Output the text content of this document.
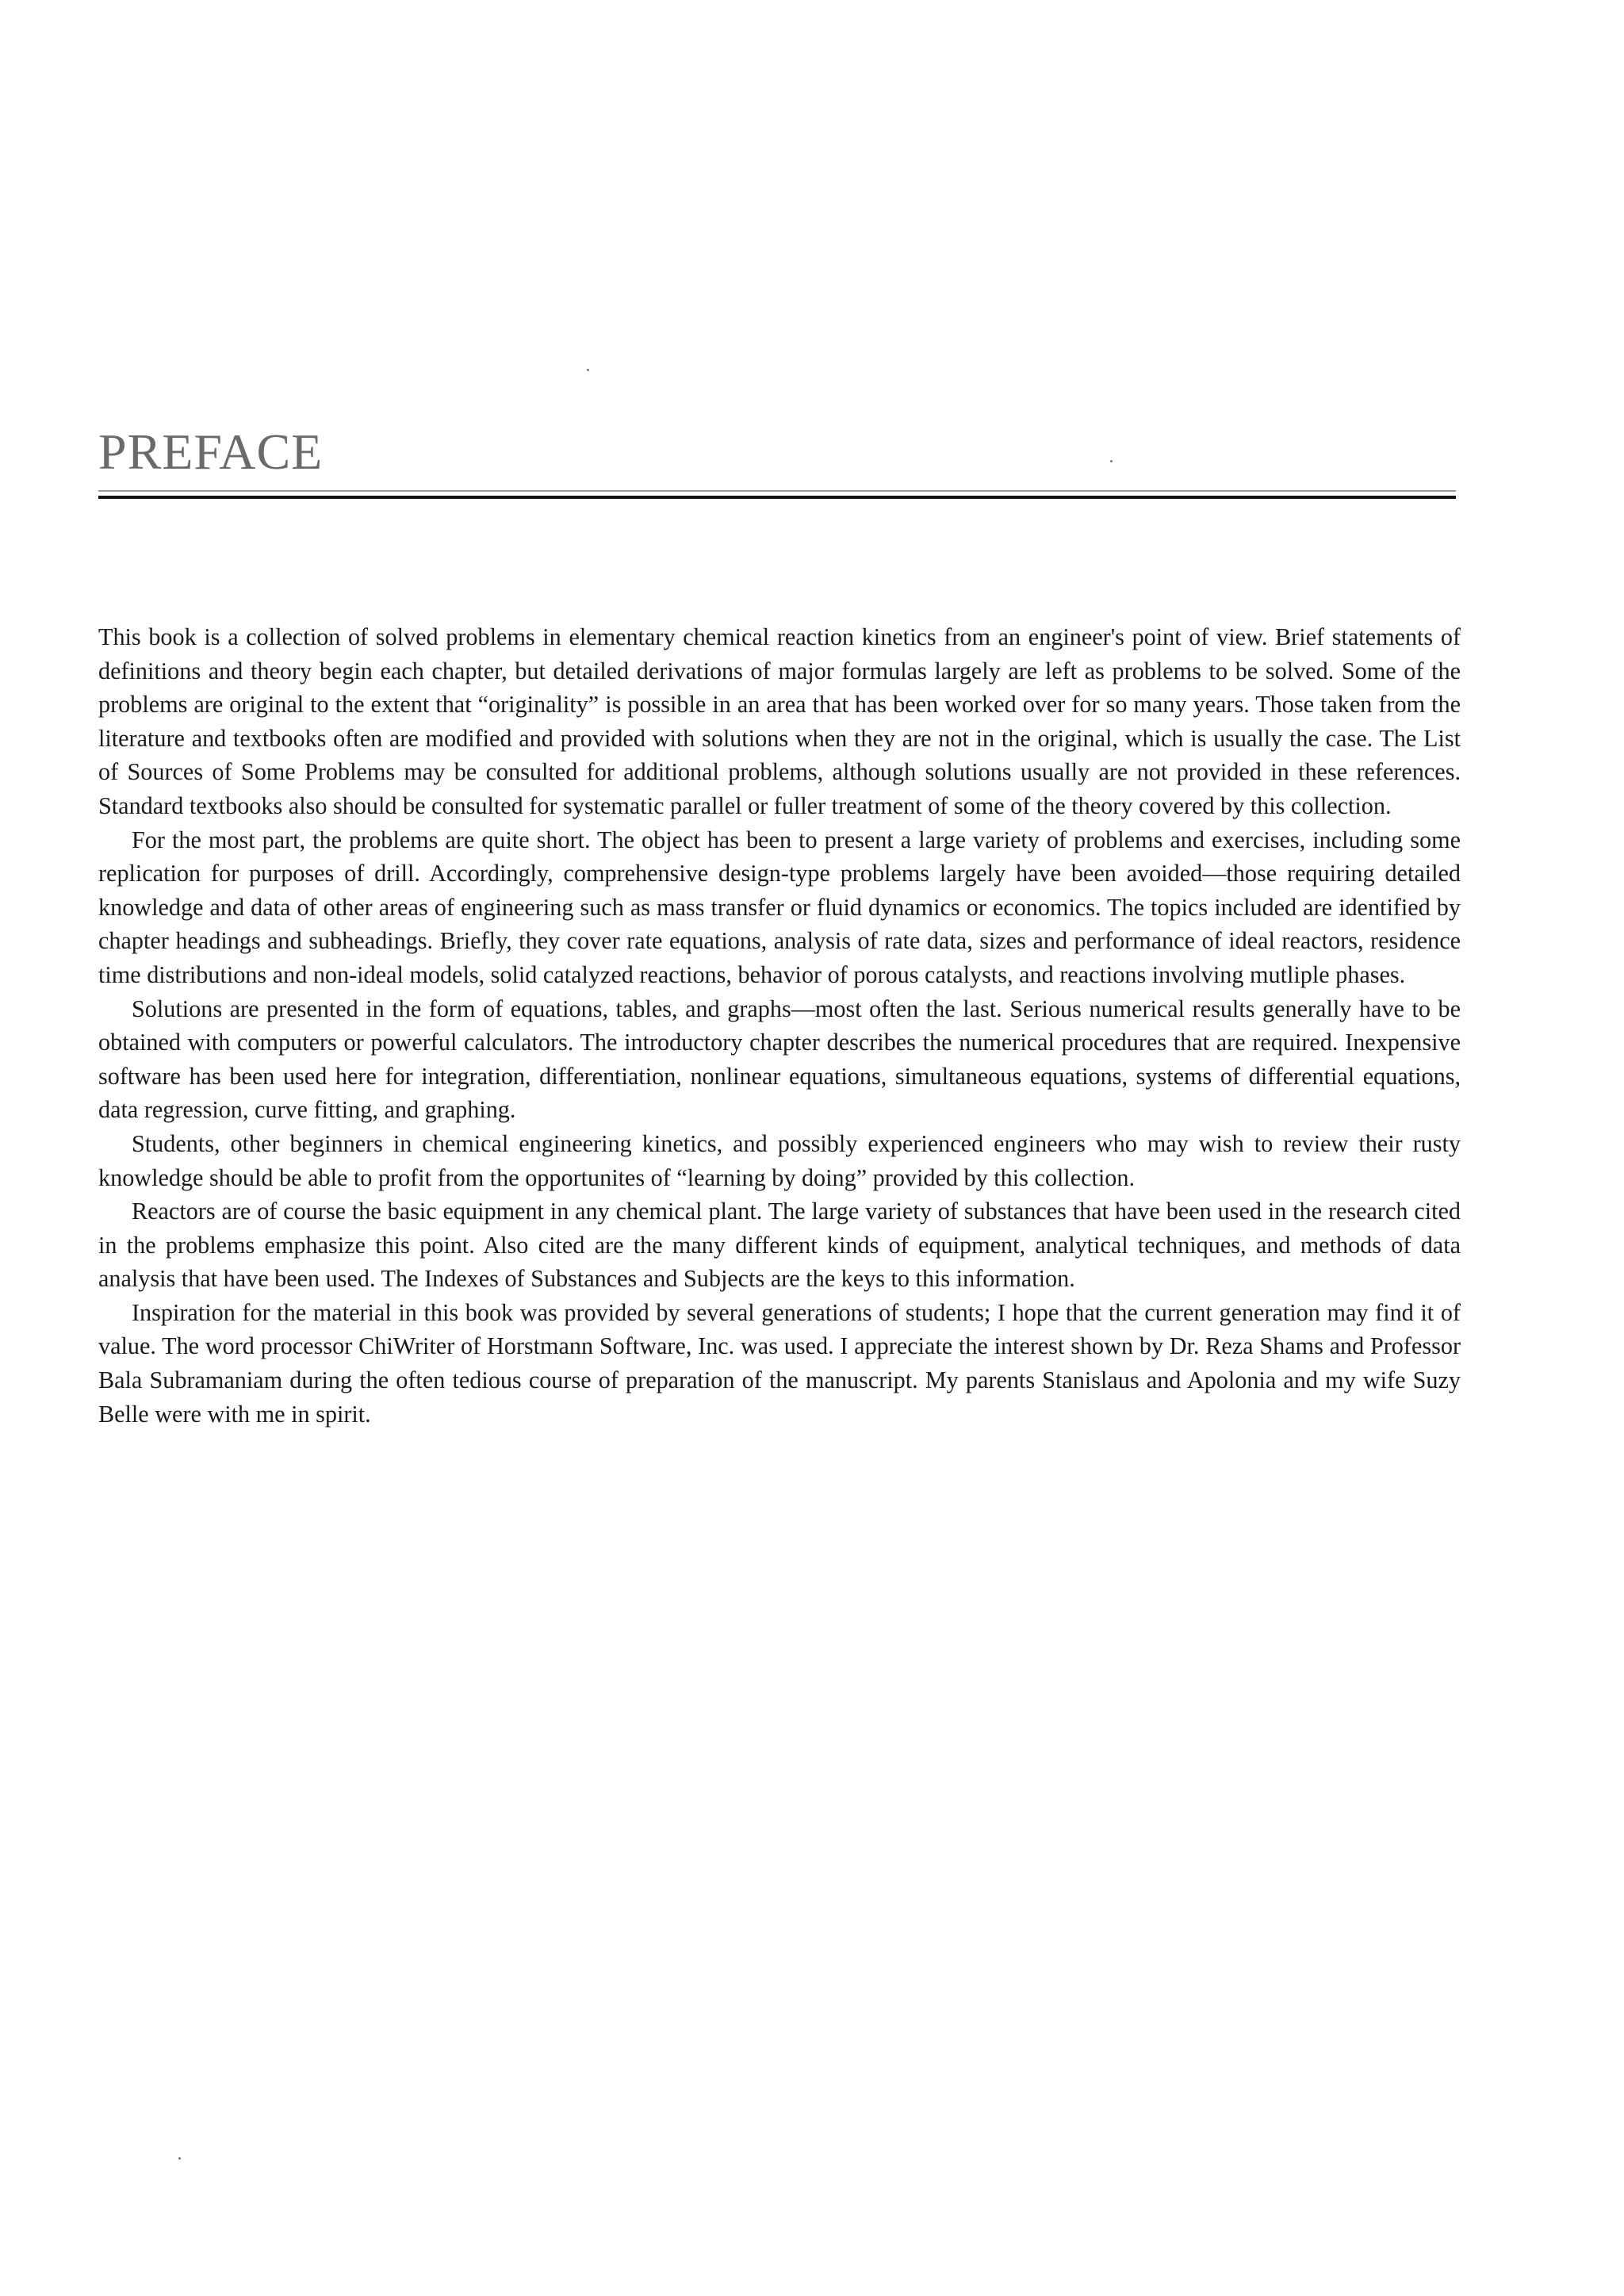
PREFACE

This book is a collection of solved problems in elementary chemical reaction kinetics from an engineer's point of view. Brief statements of definitions and theory begin each chapter, but detailed derivations of major formulas largely are left as problems to be solved. Some of the problems are original to the extent that “originality” is possible in an area that has been worked over for so many years. Those taken from the literature and textbooks often are modified and provided with solutions when they are not in the original, which is usually the case. The List of Sources of Some Problems may be consulted for additional problems, although solutions usually are not provided in these references. Standard textbooks also should be consulted for systematic parallel or fuller treatment of some of the theory covered by this collection.

For the most part, the problems are quite short. The object has been to present a large variety of problems and exercises, including some replication for purposes of drill. Accordingly, comprehensive design-type problems largely have been avoided—those requiring detailed knowledge and data of other areas of engineering such as mass transfer or fluid dynamics or economics. The topics included are identified by chapter headings and subheadings. Briefly, they cover rate equations, analysis of rate data, sizes and performance of ideal reactors, residence time distributions and non-ideal models, solid catalyzed reactions, behavior of porous catalysts, and reactions involving mutliple phases.

Solutions are presented in the form of equations, tables, and graphs—most often the last. Serious numerical results generally have to be obtained with computers or powerful calculators. The introductory chapter describes the numerical procedures that are required. Inexpensive software has been used here for integration, differentiation, nonlinear equations, simultaneous equations, systems of differential equations, data regression, curve fitting, and graphing.

Students, other beginners in chemical engineering kinetics, and possibly experienced engineers who may wish to review their rusty knowledge should be able to profit from the opportunites of “learning by doing” provided by this collection.

Reactors are of course the basic equipment in any chemical plant. The large variety of substances that have been used in the research cited in the problems emphasize this point. Also cited are the many different kinds of equipment, analytical techniques, and methods of data analysis that have been used. The Indexes of Substances and Subjects are the keys to this information.

Inspiration for the material in this book was provided by several generations of students; I hope that the current generation may find it of value. The word processor ChiWriter of Horstmann Software, Inc. was used. I appreciate the interest shown by Dr. Reza Shams and Professor Bala Subramaniam during the often tedious course of preparation of the manuscript. My parents Stanislaus and Apolonia and my wife Suzy Belle were with me in spirit.
